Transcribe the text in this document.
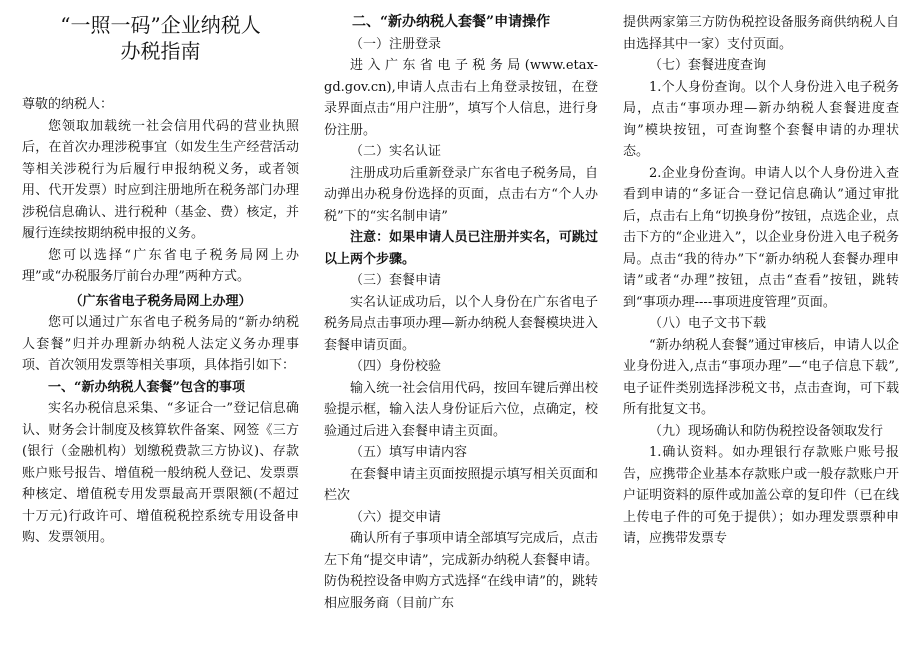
“一照一码”企业纳税人
办税指南

尊敬的纳税人：

您领取加载统一社会信用代码的营业执照后，在首次办理涉税事宜（如发生生产经营活动等相关涉税行为后履行申报纳税义务，或者领用、代开发票）时应到注册地所在税务部门办理涉税信息确认、进行税种（基金、费）核定，并履行连续按期纳税申报的义务。

您可以选择“广东省电子税务局网上办理”或“办税服务厅前台办理”两种方式。

（广东省电子税务局网上办理）

您可以通过广东省电子税务局的“新办纳税人套餐”归并办理新办纳税人法定义务办理事项、首次领用发票等相关事项，具体指引如下：

一、“新办纳税人套餐”包含的事项

实名办税信息采集、“多证合一”登记信息确认、财务会计制度及核算软件备案、网签《三方(银行（金融机构）划缴税费款三方协议)、存款账户账号报告、增值税一般纳税人登记、发票票种核定、增值税专用发票最高开票限额(不超过十万元)行政许可、增值税税控系统专用设备申购、发票领用。

二、“新办纳税人套餐”申请操作

（一）注册登录

进入广东省电子税务局(www.etax-gd.gov.cn),申请人点击右上角登录按钮，在登录界面点击“用户注册”，填写个人信息，进行身份注册。

（二）实名认证

注册成功后重新登录广东省电子税务局，自动弹出办税身份选择的页面，点击右方“个人办税”下的“实名制申请”

注意：如果申请人员已注册并实名，可跳过以上两个步骤。

（三）套餐申请

实名认证成功后，以个人身份在广东省电子税务局点击事项办理—新办纳税人套餐模块进入套餐申请页面。

（四）身份校验

输入统一社会信用代码，按回车键后弹出校验提示框，输入法人身份证后六位，点确定，校验通过后进入套餐申请主页面。

（五）填写申请内容

在套餐申请主页面按照提示填写相关页面和栏次

（六）提交申请

确认所有子事项申请全部填写完成后，点击左下角“提交申请”，完成新办纳税人套餐申请。防伪税控设备申购方式选择“在线申请”的，跳转相应服务商（目前广东

提供两家第三方防伪税控设备服务商供纳税人自由选择其中一家）支付页面。

（七）套餐进度查询

1.个人身份查询。以个人身份进入电子税务局，点击“事项办理—新办纳税人套餐进度查询”模块按钮，可查询整个套餐申请的办理状态。

2.企业身份查询。申请人以个人身份进入查看到申请的“多证合一登记信息确认”通过审批后，点击右上角“切换身份”按钮，点选企业，点击下方的“企业进入”，以企业身份进入电子税务局。点击“我的待办”下“新办纳税人套餐办理申请”或者“办理”按钮，点击“查看”按钮，跳转到“事项办理----事项进度管理”页面。

（八）电子文书下载

“新办纳税人套餐”通过审核后，申请人以企业身份进入,点击“事项办理”—“电子信息下载”,电子证件类别选择涉税文书，点击查询，可下载所有批复文书。

（九）现场确认和防伪税控设备领取发行

1.确认资料。如办理银行存款账户账号报告，应携带企业基本存款账户或一般存款账户开户证明资料的原件或加盖公章的复印件（已在线上传电子件的可免于提供）；如办理发票票种申请，应携带发票专
